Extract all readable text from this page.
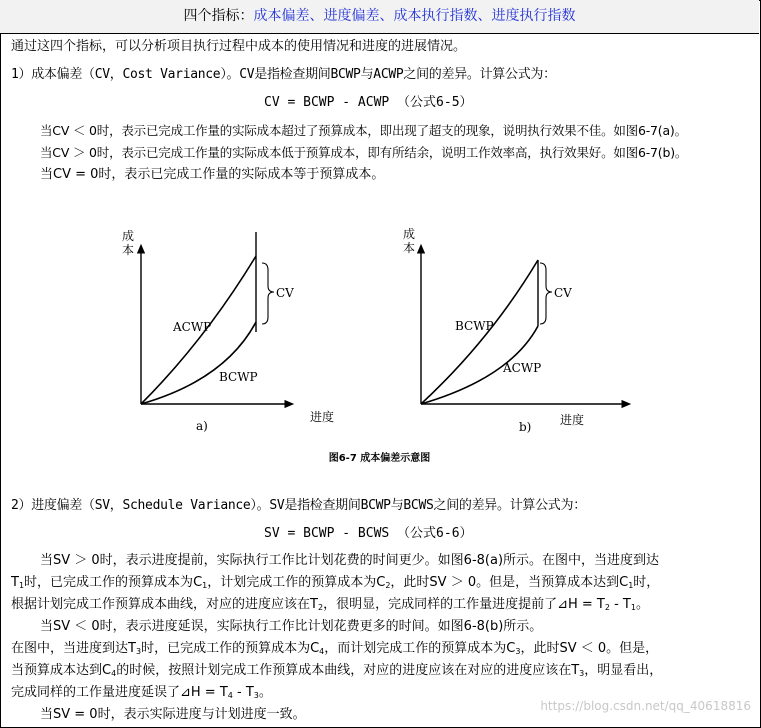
四个指标：成本偏差、进度偏差、成本执行指数、进度执行指数
通过这四个指标，可以分析项目执行过程中成本的使用情况和进度的进展情况。
1）成本偏差（CV，Cost Variance）。CV是指检查期间BCWP与ACWP之间的差异。计算公式为：
CV = BCWP - ACWP （公式6-5）
当CV ＜ 0时，表示已完成工作量的实际成本超过了预算成本，即出现了超支的现象，说明执行效果不佳。如图6-7(a)。
当CV ＞ 0时，表示已完成工作量的实际成本低于预算成本，即有所结余，说明工作效率高，执行效果好。如图6-7(b)。
当CV = 0时，表示已完成工作量的实际成本等于预算成本。
成
本
进度
CV
ACWP
BCWP
a)
成
本
进度
CV
BCWP
ACWP
b)
图6-7 成本偏差示意图
2）进度偏差（SV，Schedule Variance）。SV是指检查期间BCWP与BCWS之间的差异。计算公式为：
SV = BCWP - BCWS （公式6-6）
当SV ＞ 0时，表示进度提前，实际执行工作比计划花费的时间更少。如图6-8(a)所示。在图中，当进度到达
$T_1$时，已完成工作的预算成本为$C_1$，计划完成工作的预算成本为$C_2$，此时SV ＞ 0。但是，当预算成本达到$C_1$时，
根据计划完成工作预算成本曲线，对应的进度应该在$T_2$，很明显，完成同样的工作量进度提前了⊿H = $T_2 - T_1$。
当SV ＜ 0时，表示进度延误，实际执行工作比计划花费更多的时间。如图6-8(b)所示。
在图中，当进度到达$T_3$时，已完成工作的预算成本为$C_4$，而计划完成工作的预算成本为$C_3$，此时SV ＜ 0。但是，
当预算成本达到$C_4$的时候，按照计划完成工作预算成本曲线，对应的进度应该在对应的进度应该在$T_3$，明显看出，
完成同样的工作量进度延误了⊿H = $T_4 - T_3$。
当SV = 0时，表示实际进度与计划进度一致。
https://blog.csdn.net/qq_40618816
